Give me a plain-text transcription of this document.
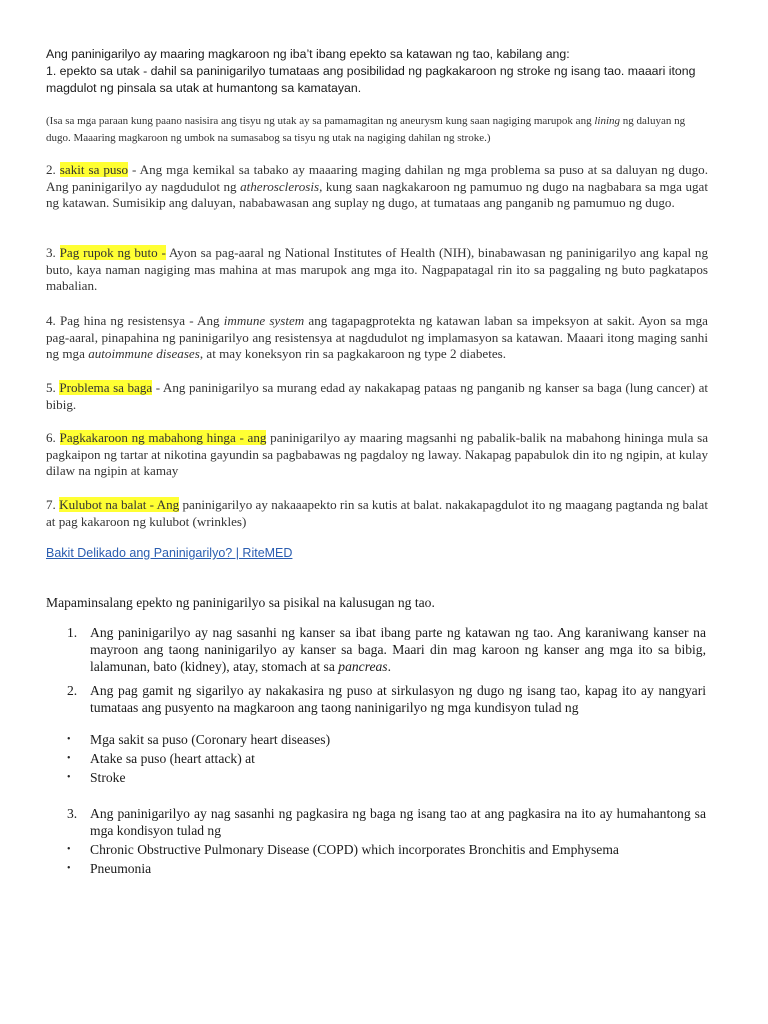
Ang paninigarilyo ay maaring magkaroon ng iba’t ibang epekto sa katawan ng tao, kabilang ang:
1. epekto sa utak - dahil sa paninigarilyo tumataas ang posibilidad ng pagkakaroon ng stroke ng isang tao. maaari itong magdulot ng pinsala sa utak at humantong sa kamatayan.
(Isa sa mga paraan kung paano nasisira ang tisyu ng utak ay sa pamamagitan ng aneurysm kung saan nagiging marupok ang lining ng daluyan ng dugo. Maaaring magkaroon ng umbok na sumasabog sa tisyu ng utak na nagiging dahilan ng stroke.)
2. sakit sa puso - Ang mga kemikal sa tabako ay maaaring maging dahilan ng mga problema sa puso at sa daluyan ng dugo. Ang paninigarilyo ay nagdudulot ng atherosclerosis, kung saan nagkakaroon ng pamumuo ng dugo na nagbabara sa mga ugat ng katawan. Sumisikip ang daluyan, nababawasan ang suplay ng dugo, at tumataas ang panganib ng pamumuo ng dugo.
3. Pag rupok ng buto - Ayon sa pag-aaral ng National Institutes of Health (NIH), binabawasan ng paninigarilyo ang kapal ng buto, kaya naman nagiging mas mahina at mas marupok ang mga ito. Nagpapatagal rin ito sa paggaling ng buto pagkatapos mabalian.
4. Pag hina ng resistensya - Ang immune system ang tagapagprotekta ng katawan laban sa impeksyon at sakit. Ayon sa mga pag-aaral, pinapahina ng paninigarilyo ang resistensya at nagdudulot ng implamasyon sa katawan. Maaari itong maging sanhi ng mga autoimmune diseases, at may koneksyon rin sa pagkakaroon ng type 2 diabetes.
5. Problema sa baga - Ang paninigarilyo sa murang edad ay nakakapag pataas ng panganib ng kanser sa baga (lung cancer) at bibig.
6. Pagkakaroon ng mabahong hinga - ang paninigarilyo ay maaring magsanhi ng pabalik-balik na mabahong hininga mula sa pagkaipon ng tartar at nikotina gayundin sa pagbabawas ng pagdaloy ng laway. Nakapag papabulok din ito ng ngipin, at kulay dilaw na ngipin at kamay
7. Kulubot na balat - Ang paninigarilyo ay nakaaapekto rin sa kutis at balat. nakakapagdulot ito ng maagang pagtanda ng balat at pag kakaroon ng kulubot (wrinkles)
Bakit Delikado ang Paninigarilyo? | RiteMED
Mapaminsalang epekto ng paninigarilyo sa pisikal na kalusugan ng tao.
1. Ang paninigarilyo ay nag sasanhi ng kanser sa ibat ibang parte ng katawan ng tao. Ang karaniwang kanser na mayroon ang taong naninigarilyo ay kanser sa baga. Maari din mag karoon ng kanser ang mga ito sa bibig, lalamunan, bato (kidney), atay, stomach at sa pancreas.
2. Ang pag gamit ng sigarilyo ay nakakasira ng puso at sirkulasyon ng dugo ng isang tao, kapag ito ay nangyari tumataas ang pusyento na magkaroon ang taong naninigarilyo ng mga kundisyon tulad ng
• Mga sakit sa puso (Coronary heart diseases)
• Atake sa puso (heart attack) at
• Stroke
3. Ang paninigarilyo ay nag sasanhi ng pagkasira ng baga ng isang tao at ang pagkasira na ito ay humahantong sa mga kondisyon tulad ng
• Chronic Obstructive Pulmonary Disease (COPD) which incorporates Bronchitis and Emphysema
• Pneumonia
